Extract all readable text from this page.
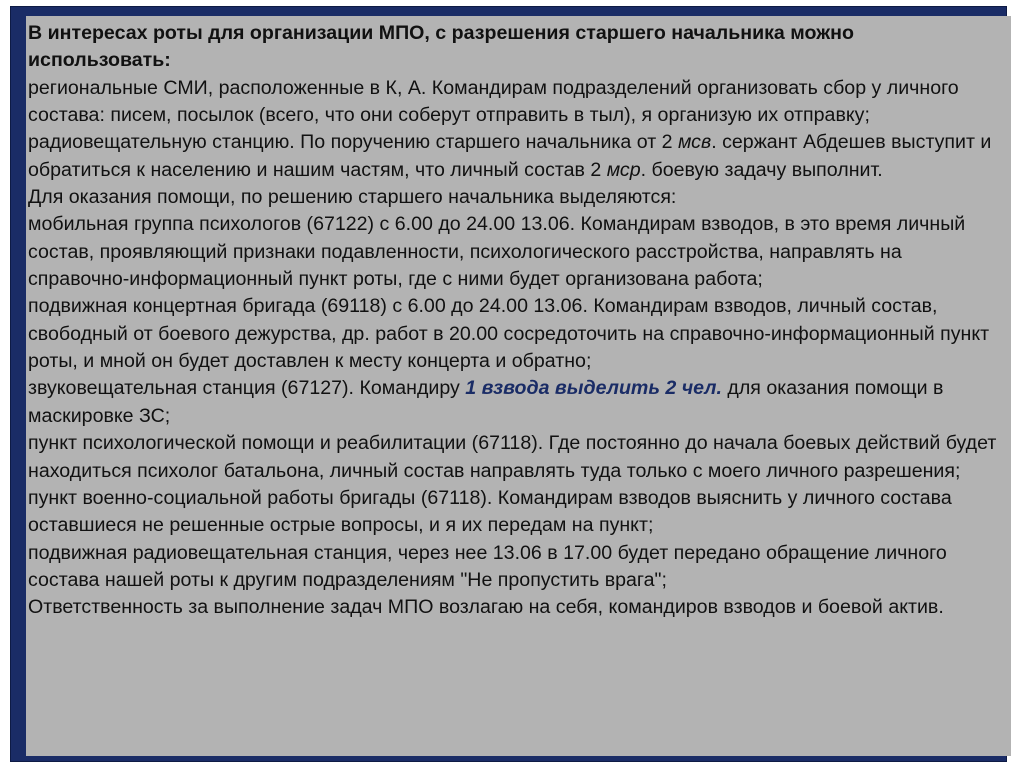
В интересах роты для организации МПО, с разрешения старшего начальника можно использовать:

региональные СМИ, расположенные в К, А. Командирам подразделений организовать сбор у личного состава: писем, посылок (всего, что они соберут отправить в тыл), я организую их отправку;

радиовещательную станцию. По поручению старшего начальника от 2 мсв. сержант Абдешев выступит и обратиться к населению и нашим частям, что личный состав 2 мср. боевую задачу выполнит.

Для оказания помощи, по решению старшего начальника выделяются:

мобильная группа психологов (67122) с 6.00 до 24.00 13.06. Командирам взводов, в это время личный состав, проявляющий признаки подавленности, психологического расстройства, направлять на справочно-информационный пункт роты, где с ними будет организована работа;

подвижная концертная бригада (69118) с 6.00 до 24.00 13.06. Командирам взводов, личный состав, свободный от боевого дежурства, др. работ в 20.00 сосредоточить на справочно-информационный пункт роты, и мной он будет доставлен к месту концерта и обратно;

звуковещательная станция (67127). Командиру 1 взвода выделить 2 чел. для оказания помощи в маскировке ЗС;

пункт психологической помощи и реабилитации (67118). Где постоянно до начала боевых действий будет находиться психолог батальона, личный состав направлять туда только с моего личного разрешения;

пункт военно-социальной работы бригады (67118). Командирам взводов выяснить у личного состава оставшиеся не решенные острые вопросы, и я их передам на пункт;

подвижная радиовещательная станция, через нее 13.06 в 17.00 будет передано обращение личного состава нашей роты к другим подразделениям "Не пропустить врага";

Ответственность за выполнение задач МПО возлагаю на себя, командиров взводов и боевой актив.
